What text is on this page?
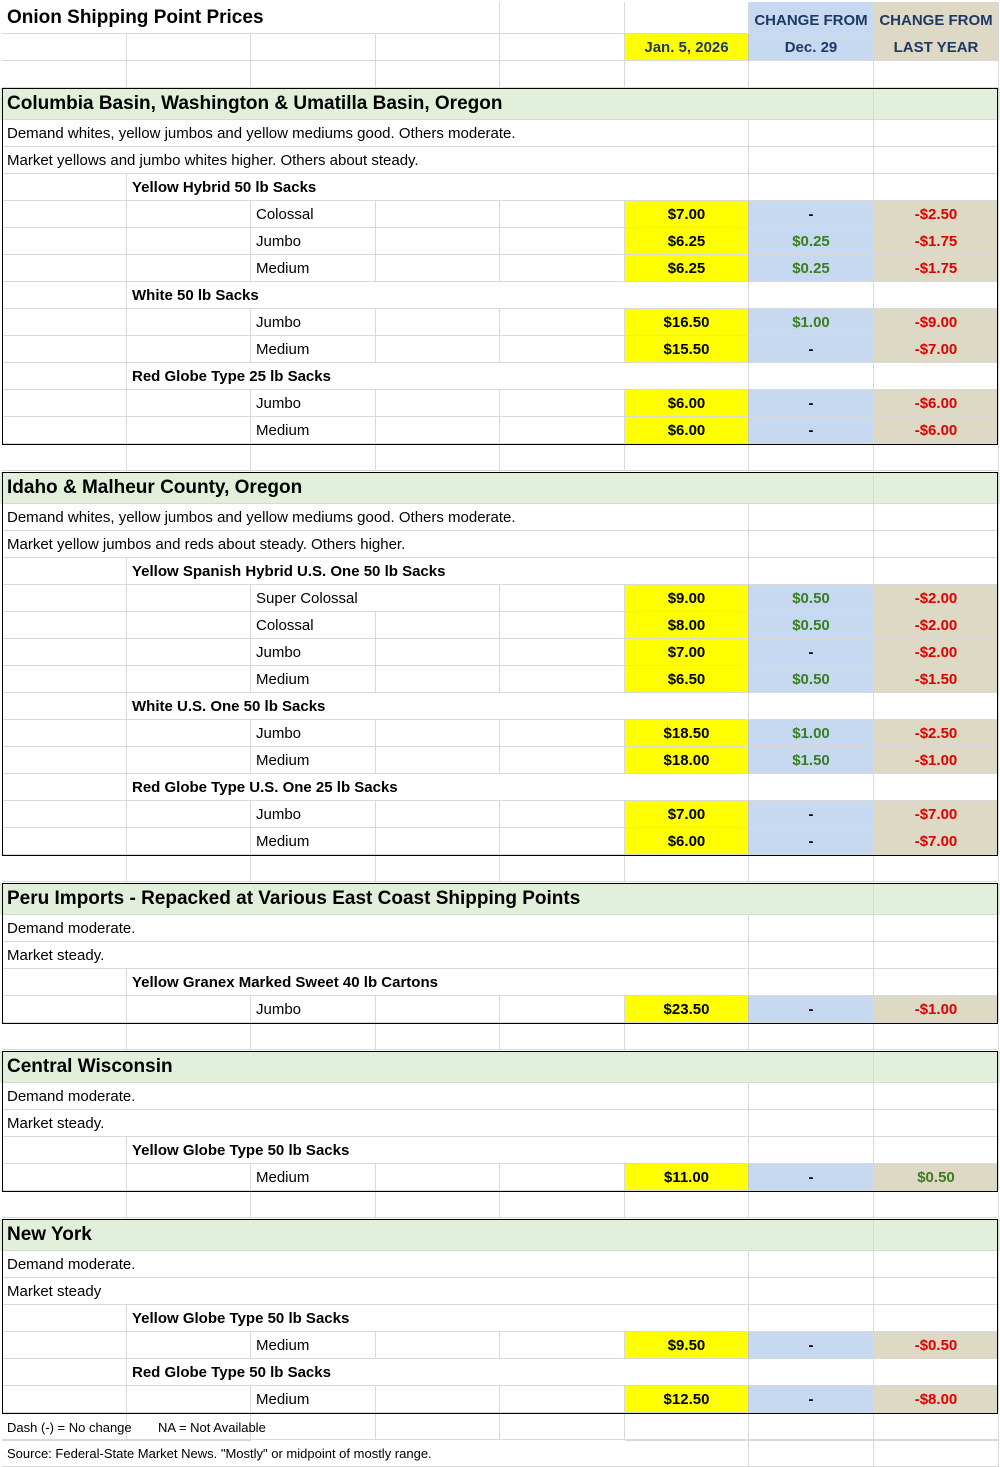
Onion Shipping Point Prices	CHANGE FROM CHANGE FROM
Jan. 5, 2026	Dec. 29	LAST YEAR
Columbia Basin, Washington & Umatilla Basin, Oregon
Demand whites, yellow jumbos and yellow mediums good. Others moderate.
Market yellows and jumbo whites higher. Others about steady.
Yellow Hybrid 50 lb Sacks
Colossal	$7.00	-	-$2.50
Jumbo	$6.25	$0.25	-$1.75
Medium	$6.25	$0.25	-$1.75
White 50 lb Sacks
Jumbo	$16.50	$1.00	-$9.00
Medium	$15.50	-	-$7.00
Red Globe Type 25 lb Sacks
Jumbo	$6.00	-	-$6.00
Medium	$6.00	-	-$6.00
Idaho & Malheur County, Oregon
Demand whites, yellow jumbos and yellow mediums good. Others moderate.
Market yellow jumbos and reds about steady. Others higher.
Yellow Spanish Hybrid U.S. One 50 lb Sacks
Super Colossal	$9.00	$0.50	-$2.00
Colossal	$8.00	$0.50	-$2.00
Jumbo	$7.00	-	-$2.00
Medium	$6.50	$0.50	-$1.50
White U.S. One 50 lb Sacks
Jumbo	$18.50	$1.00	-$2.50
Medium	$18.00	$1.50	-$1.00
Red Globe Type U.S. One 25 lb Sacks
Jumbo	$7.00	-	-$7.00
Medium	$6.00	-	-$7.00
Peru Imports - Repacked at Various East Coast Shipping Points
Demand moderate.
Market steady.
Yellow Granex Marked Sweet 40 lb Cartons
Jumbo	$23.50	-	-$1.00
Central Wisconsin
Demand moderate.
Market steady.
Yellow Globe Type 50 lb Sacks
Medium	$11.00	-	$0.50
New York
Demand moderate.
Market steady
Yellow Globe Type 50 lb Sacks
Medium	$9.50	-	-$0.50
Red Globe Type 50 lb Sacks
Medium	$12.50	-	-$8.00
Dash (-) = No change	NA = Not Available
Source: Federal-State Market News. "Mostly" or midpoint of mostly range.
